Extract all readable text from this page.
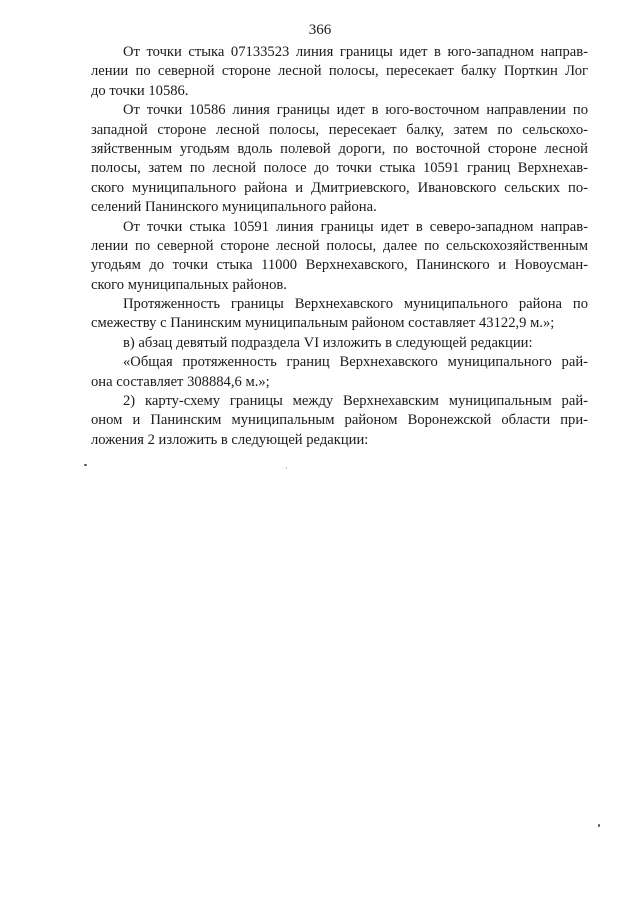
366
От точки стыка 07133523 линия границы идет в юго-западном направ-
лении по северной стороне лесной полосы, пересекает балку Порткин Лог
до точки 10586.
От точки 10586 линия границы идет в юго-восточном направлении по
западной стороне лесной полосы, пересекает балку, затем по сельскохо-
зяйственным угодьям вдоль полевой дороги, по восточной стороне лесной
полосы, затем по лесной полосе до точки стыка 10591 границ Верхнехав-
ского муниципального района и Дмитриевского, Ивановского сельских по-
селений Панинского муниципального района.
От точки стыка 10591 линия границы идет в северо-западном направ-
лении по северной стороне лесной полосы, далее по сельскохозяйственным
угодьям до точки стыка 11000 Верхнехавского, Панинского и Новоусман-
ского муниципальных районов.
Протяженность границы Верхнехавского муниципального района по
смежеству с Панинским муниципальным районом составляет 43122,9 м.»;
в) абзац девятый подраздела VI изложить в следующей редакции:
«Общая протяженность границ Верхнехавского муниципального рай-
она составляет 308884,6 м.»;
2) карту-схему границы между Верхнехавским муниципальным рай-
оном и Панинским муниципальным районом Воронежской области при-
ложения 2 изложить в следующей редакции:
